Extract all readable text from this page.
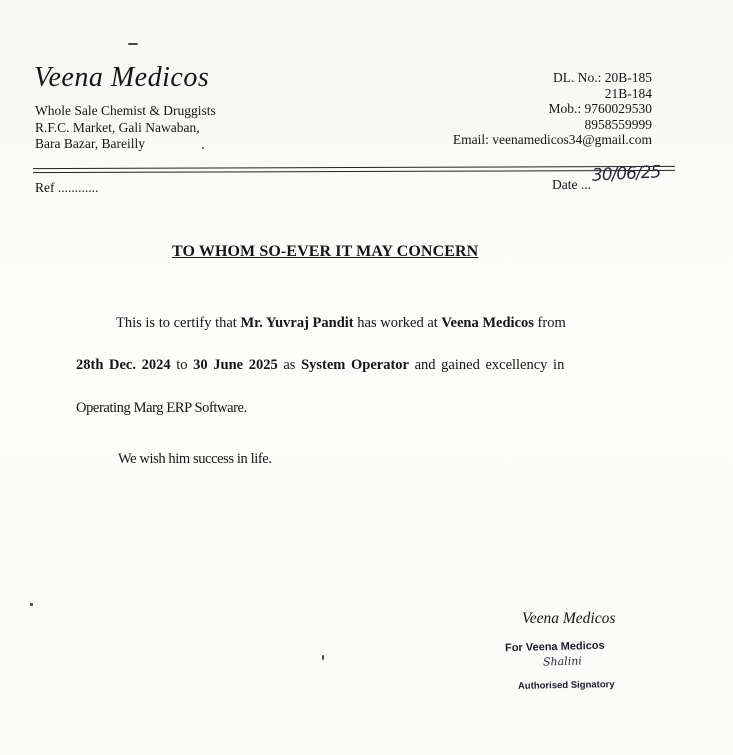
Veena Medicos
Whole Sale Chemist & Druggists
R.F.C. Market, Gali Nawaban,
Bara Bazar, Bareilly
DL. No.: 20B-185
21B-184
Mob.: 9760029530
8958559999
Email: veenamedicos34@gmail.com
Ref ............	Date ... 30/06/25
TO WHOM SO-EVER IT MAY CONCERN
This is to certify that Mr. Yuvraj Pandit has worked at Veena Medicos from
28th Dec. 2024 to 30 June 2025 as System Operator and gained excellency in
Operating Marg ERP Software.
We wish him success in life.
Veena Medicos
For Veena Medicos
Shalini
Authorised Signatory
